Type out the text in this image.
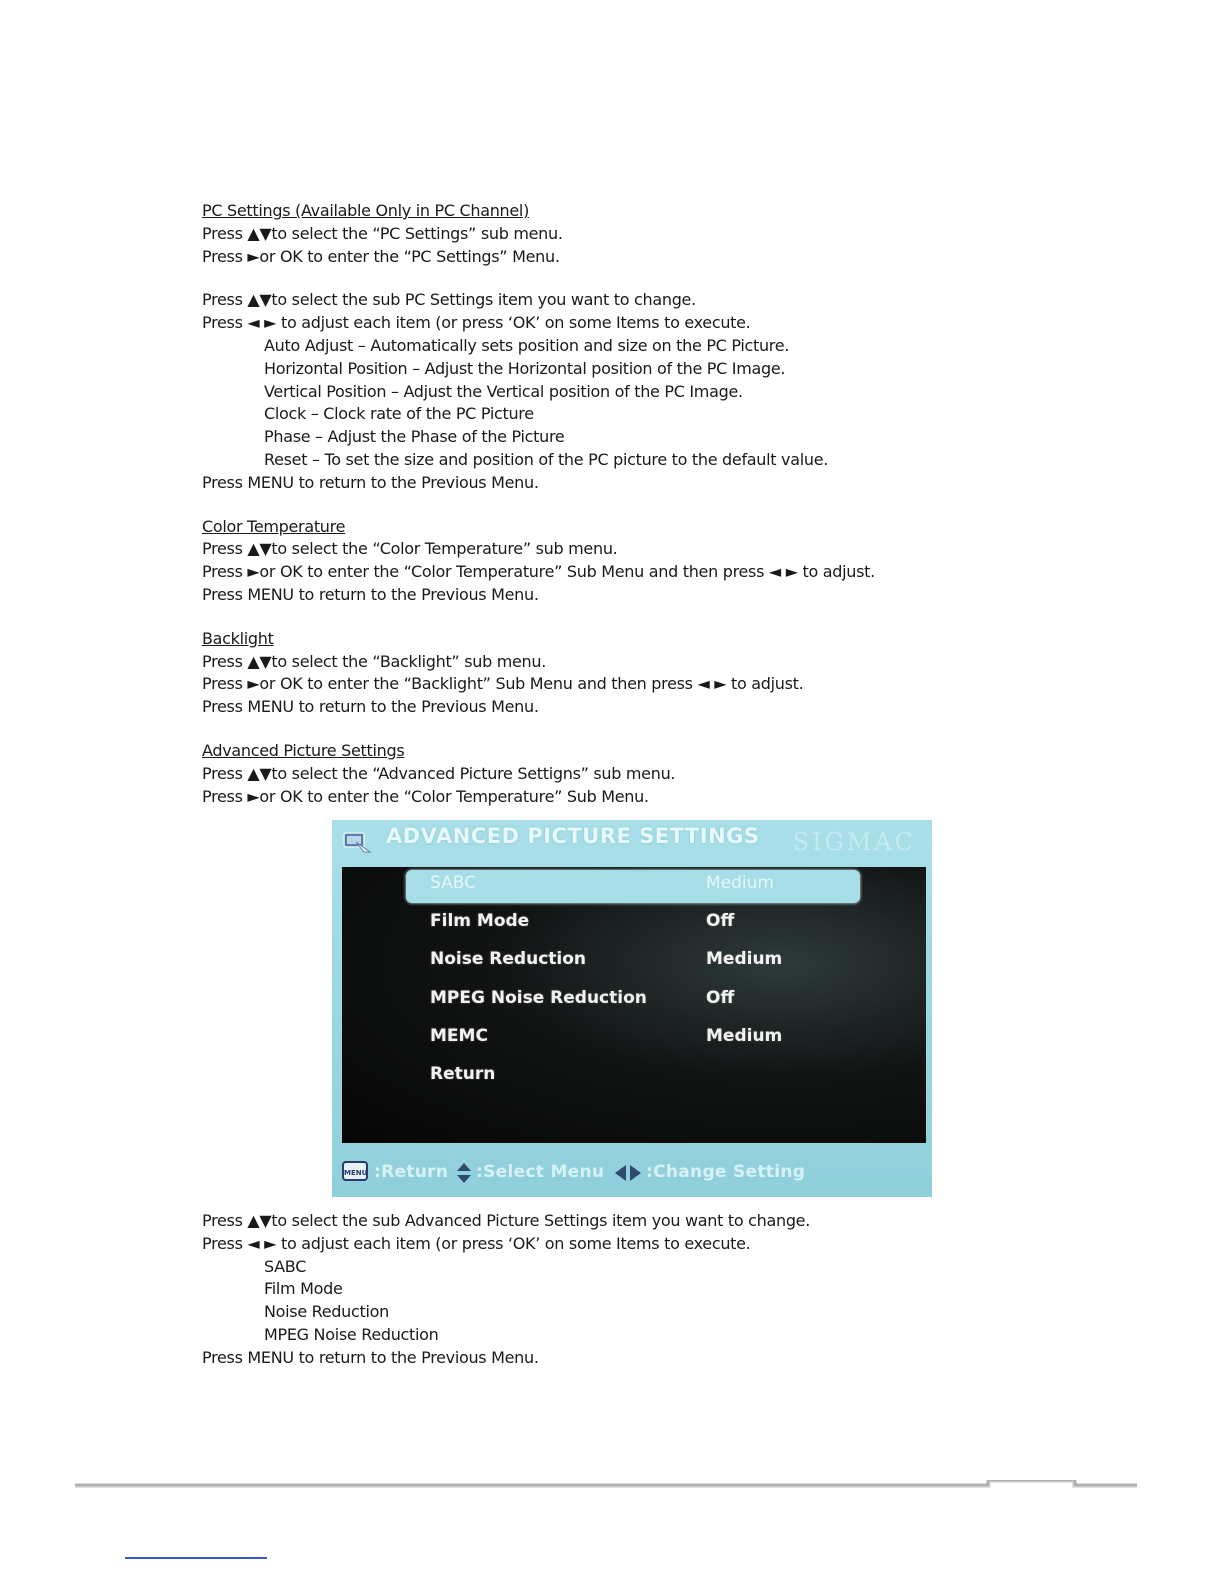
PC Settings (Available Only in PC Channel)
Press ▲▼to select the “PC Settings” sub menu.
Press ►or OK to enter the “PC Settings” Menu.
Press ▲▼to select the sub PC Settings item you want to change.
Press ◄ ► to adjust each item (or press ‘OK’ on some Items to execute.
Auto Adjust – Automatically sets position and size on the PC Picture.
Horizontal Position – Adjust the Horizontal position of the PC Image.
Vertical Position – Adjust the Vertical position of the PC Image.
Clock – Clock rate of the PC Picture
Phase – Adjust the Phase of the Picture
Reset – To set the size and position of the PC picture to the default value.
Press MENU to return to the Previous Menu.
Color Temperature
Press ▲▼to select the “Color Temperature” sub menu.
Press ►or OK to enter the “Color Temperature” Sub Menu and then press ◄ ► to adjust.
Press MENU to return to the Previous Menu.
Backlight
Press ▲▼to select the “Backlight” sub menu.
Press ►or OK to enter the “Backlight” Sub Menu and then press ◄ ► to adjust.
Press MENU to return to the Previous Menu.
Advanced Picture Settings
Press ▲▼to select the “Advanced Picture Settigns” sub menu.
Press ►or OK to enter the “Color Temperature” Sub Menu.
ADVANCED PICTURE SETTINGS SIGMAC
SABC	Medium
Film Mode	Off
Noise Reduction	Medium
MPEG Noise Reduction	Off
MEMC	Medium
Return
MENU :Return :Select Menu :Change Setting
Press ▲▼to select the sub Advanced Picture Settings item you want to change.
Press ◄ ► to adjust each item (or press ‘OK’ on some Items to execute.
SABC
Film Mode
Noise Reduction
MPEG Noise Reduction
Press MENU to return to the Previous Menu.
